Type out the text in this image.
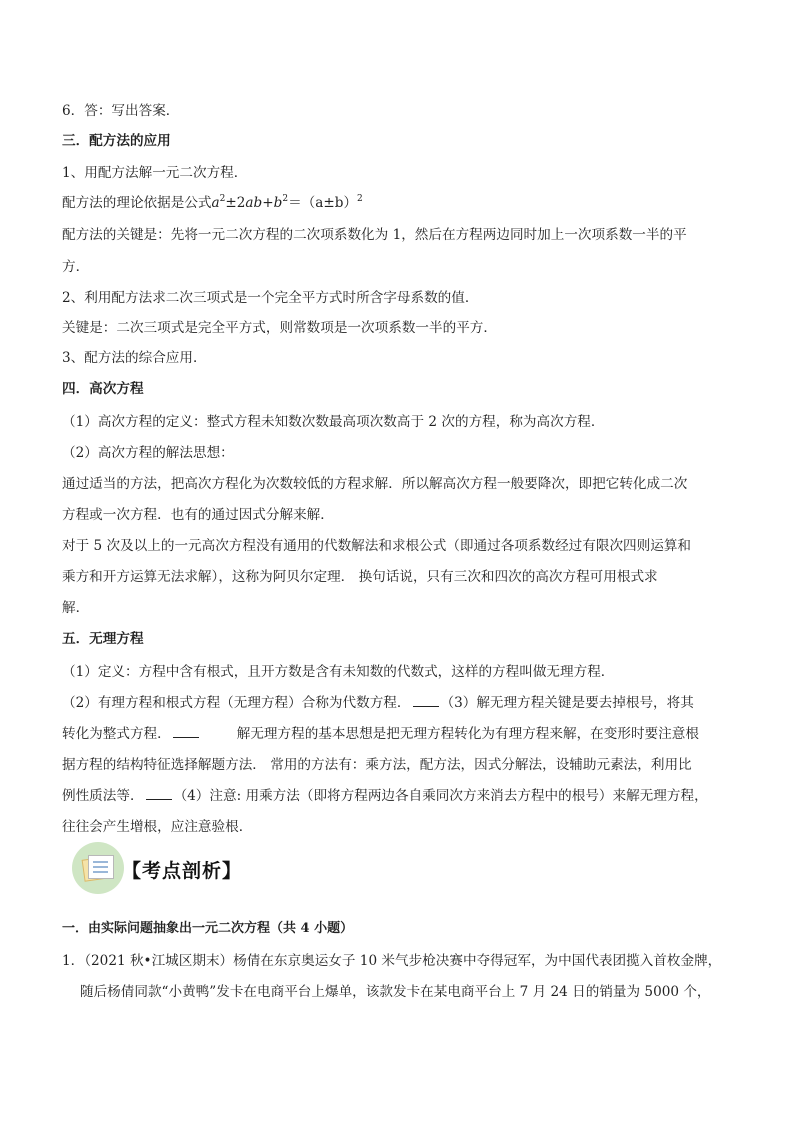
6．答：写出答案．
三．配方法的应用
1、用配方法解一元二次方程．
配方法的理论依据是公式$a^2\pm 2ab+b^2=(a\pm b)^2$
配方法的关键是：先将一元二次方程的二次项系数化为 1，然后在方程两边同时加上一次项系数一半的平
方．
2、利用配方法求二次三项式是一个完全平方式时所含字母系数的值．
关键是：二次三项式是完全平方式，则常数项是一次项系数一半的平方．
3、配方法的综合应用．
四．高次方程
（1）高次方程的定义：整式方程未知数次数最高项次数高于 2 次的方程，称为高次方程．
（2）高次方程的解法思想：
通过适当的方法，把高次方程化为次数较低的方程求解．所以解高次方程一般要降次，即把它转化成二次
方程或一次方程．也有的通过因式分解来解．
对于 5 次及以上的一元高次方程没有通用的代数解法和求根公式（即通过各项系数经过有限次四则运算和
乘方和开方运算无法求解），这称为阿贝尔定理． 换句话说，只有三次和四次的高次方程可用根式求
解．
五．无理方程
（1）定义：方程中含有根式，且开方数是含有未知数的代数式，这样的方程叫做无理方程．
（2）有理方程和根式方程（无理方程）合称为代数方程． （3）解无理方程关键是要去掉根号，将其
转化为整式方程．	解无理方程的基本思想是把无理方程转化为有理方程来解，在变形时要注意根
据方程的结构特征选择解题方法． 常用的方法有：乘方法，配方法，因式分解法，设辅助元素法，利用比
例性质法等． （4）注意: 用乘方法（即将方程两边各自乘同次方来消去方程中的根号）来解无理方程，
往往会产生增根，应注意验根．
【考点剖析】
一．由实际问题抽象出一元二次方程（共 4 小题）
1．（2021 秋•江城区期末）杨倩在东京奥运女子 10 米气步枪决赛中夺得冠军，为中国代表团揽入首枚金牌，
随后杨倩同款“小黄鸭”发卡在电商平台上爆单，该款发卡在某电商平台上 7 月 24 日的销量为 5000 个，
